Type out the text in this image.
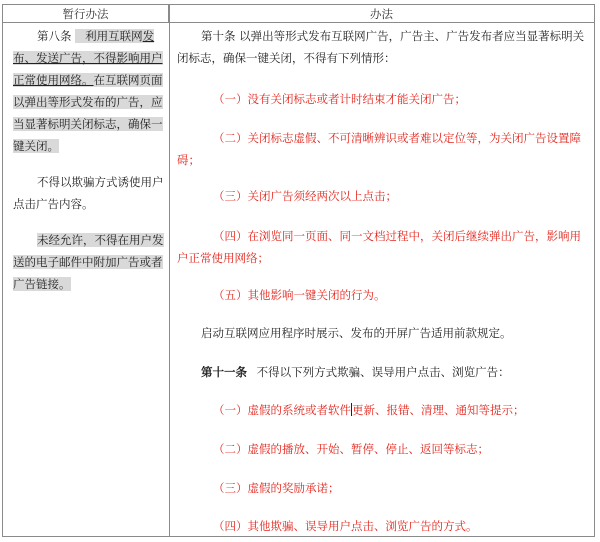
暂行办法	办法
第八条 利用互联网发布、发送广告，不得影响用户正常使用网络。在互联网页面以弹出等形式发布的广告，应当显著标明关闭标志，确保一键关闭。
不得以欺骗方式诱使用户点击广告内容。
未经允许，不得在用户发送的电子邮件中附加广告或者广告链接。
第十条 以弹出等形式发布互联网广告，广告主、广告发布者应当显著标明关闭标志，确保一键关闭，不得有下列情形：
（一）没有关闭标志或者计时结束才能关闭广告；
（二）关闭标志虚假、不可清晰辨识或者难以定位等，为关闭广告设置障碍；
（三）关闭广告须经两次以上点击；
（四）在浏览同一页面、同一文档过程中，关闭后继续弹出广告，影响用户正常使用网络；
（五）其他影响一键关闭的行为。
启动互联网应用程序时展示、发布的开屏广告适用前款规定。
第十一条 不得以下列方式欺骗、误导用户点击、浏览广告：
（一）虚假的系统或者软件更新、报错、清理、通知等提示；
（二）虚假的播放、开始、暂停、停止、返回等标志；
（三）虚假的奖励承诺；
（四）其他欺骗、误导用户点击、浏览广告的方式。
